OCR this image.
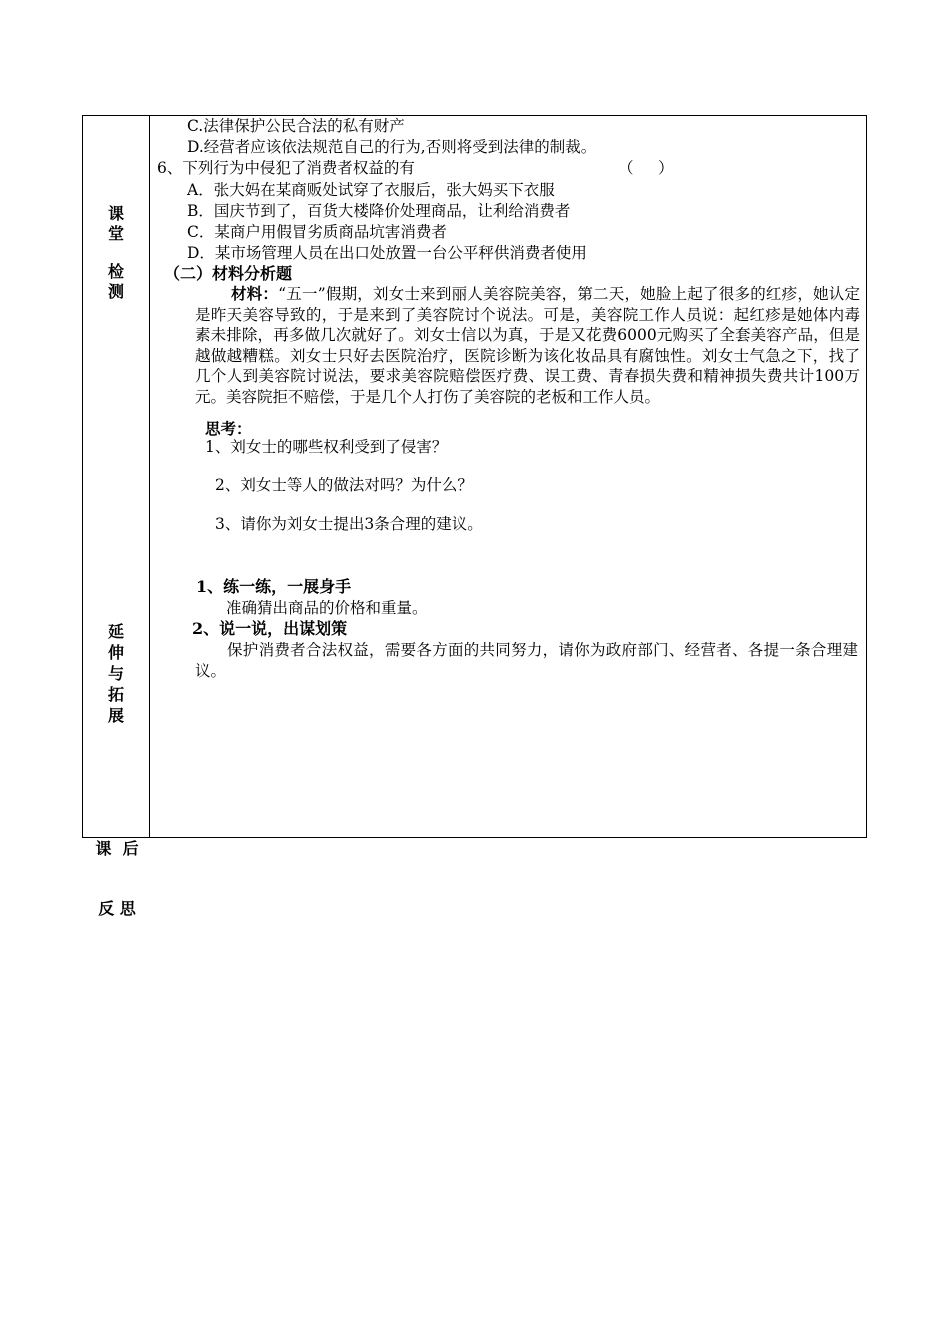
课
堂
检
测
延
伸
与
拓
展

课  后

反 思

C.法律保护公民合法的私有财产
D.经营者应该依法规范自己的行为,否则将受到法律的制裁。
6、下列行为中侵犯了消费者权益的有	（     ）
A．张大妈在某商贩处试穿了衣服后，张大妈买下衣服
B．国庆节到了，百货大楼降价处理商品，让利给消费者
C．某商户用假冒劣质商品坑害消费者
D．某市场管理人员在出口处放置一台公平秤供消费者使用
（二）材料分析题
材料：“五一”假期，刘女士来到丽人美容院美容，第二天，她脸上起了很多的红疹，她认定是昨天美容导致的，于是来到了美容院讨个说法。可是，美容院工作人员说：起红疹是她体内毒素未排除，再多做几次就好了。刘女士信以为真，于是又花费6000元购买了全套美容产品，但是越做越糟糕。刘女士只好去医院治疗，医院诊断为该化妆品具有腐蚀性。刘女士气急之下，找了几个人到美容院讨说法，要求美容院赔偿医疗费、误工费、青春损失费和精神损失费共计100万元。美容院拒不赔偿，于是几个人打伤了美容院的老板和工作人员。
思考：
1、刘女士的哪些权利受到了侵害？
2、刘女士等人的做法对吗？为什么？
3、请你为刘女士提出3条合理的建议。
1、练一练，一展身手
准确猜出商品的价格和重量。
2、说一说，出谋划策
保护消费者合法权益，需要各方面的共同努力，请你为政府部门、经营者、各提一条合理建议。
